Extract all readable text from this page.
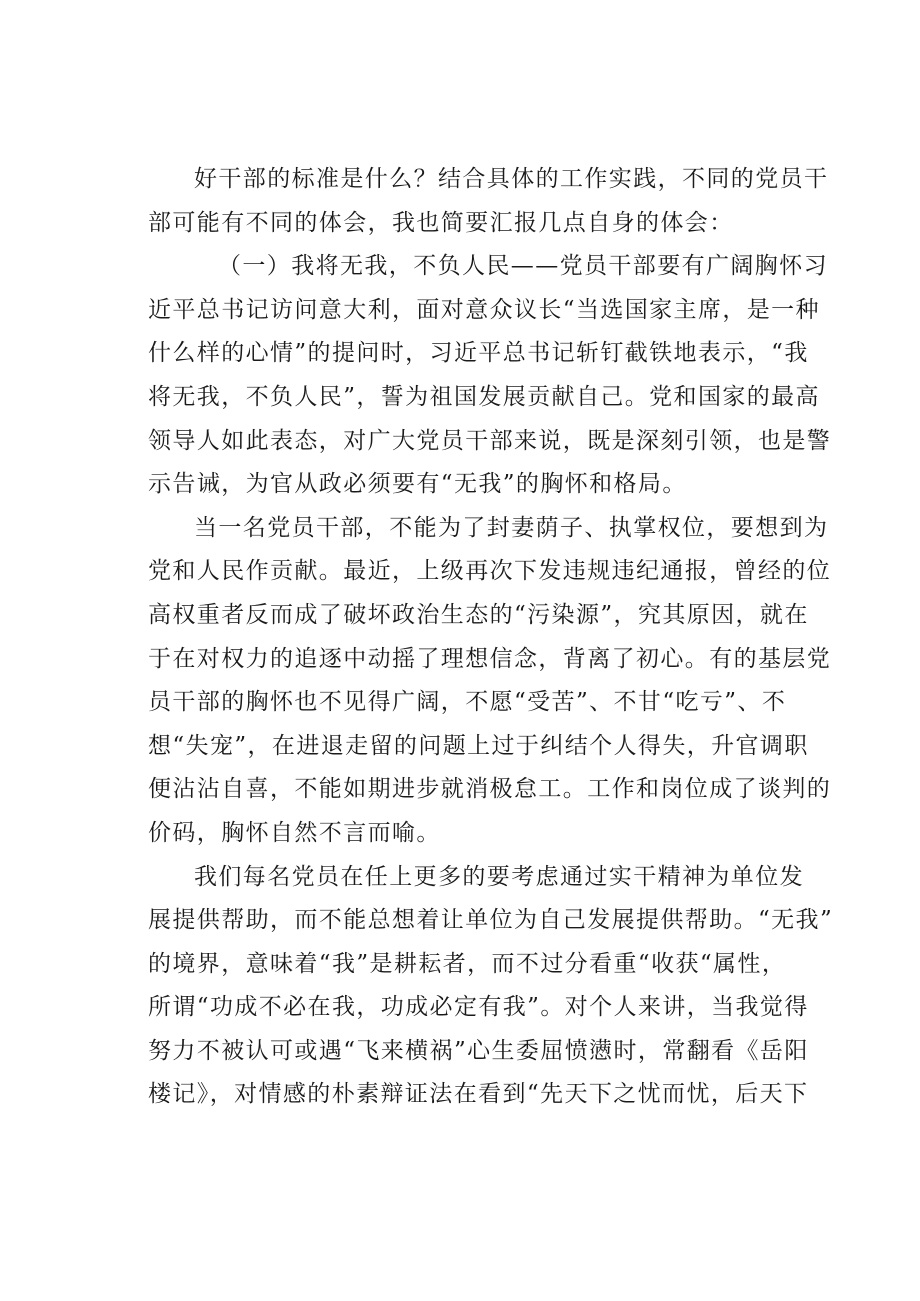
好干部的标准是什么？结合具体的工作实践，不同的党员干
部可能有不同的体会，我也简要汇报几点自身的体会：
（一）我将无我，不负人民——党员干部要有广阔胸怀习
近平总书记访问意大利，面对意众议长“当选国家主席，是一种
什么样的心情”的提问时，习近平总书记斩钉截铁地表示，“我
将无我，不负人民”，誓为祖国发展贡献自己。党和国家的最高
领导人如此表态，对广大党员干部来说，既是深刻引领，也是警
示告诫，为官从政必须要有“无我”的胸怀和格局。
当一名党员干部，不能为了封妻荫子、执掌权位，要想到为
党和人民作贡献。最近，上级再次下发违规违纪通报，曾经的位
高权重者反而成了破坏政治生态的“污染源”，究其原因，就在
于在对权力的追逐中动摇了理想信念，背离了初心。有的基层党
员干部的胸怀也不见得广阔，不愿“受苦”、不甘“吃亏”、不
想“失宠”，在进退走留的问题上过于纠结个人得失，升官调职
便沾沾自喜，不能如期进步就消极怠工。工作和岗位成了谈判的
价码，胸怀自然不言而喻。
我们每名党员在任上更多的要考虑通过实干精神为单位发
展提供帮助，而不能总想着让单位为自己发展提供帮助。“无我”
的境界，意味着“我”是耕耘者，而不过分看重“收获“属性，
所谓“功成不必在我，功成必定有我”。对个人来讲，当我觉得
努力不被认可或遇“飞来横祸”心生委屈愤懑时，常翻看《岳阳
楼记》，对情感的朴素辩证法在看到“先天下之忧而忧，后天下
